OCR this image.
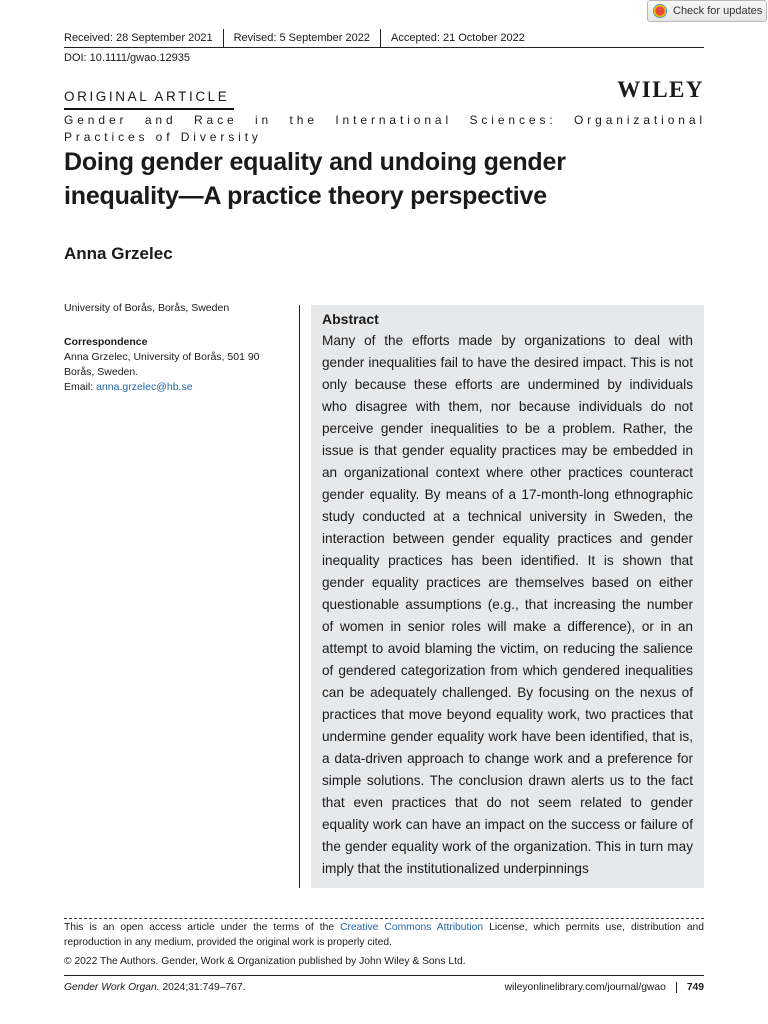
Check for updates
Received: 28 September 2021	Revised: 5 September 2022	Accepted: 21 October 2022
DOI: 10.1111/gwao.12935
ORIGINAL ARTICLE	WILEY
Gender and Race in the International Sciences: Organizational Practices of Diversity
Doing gender equality and undoing gender
inequality—A practice theory perspective
Anna Grzelec
University of Borås, Borås, Sweden
Correspondence
Anna Grzelec, University of Borås, 501 90
Borås, Sweden.
Email: anna.grzelec@hb.se
Abstract
Many of the efforts made by organizations to deal with gender inequalities fail to have the desired impact. This is not only because these efforts are undermined by individuals who disagree with them, nor because individuals do not perceive gender inequalities to be a problem. Rather, the issue is that gender equality practices may be embedded in an organizational context where other practices counteract gender equality. By means of a 17-month-long ethnographic study conducted at a technical university in Sweden, the interaction between gender equality practices and gender inequality practices has been identified. It is shown that gender equality practices are themselves based on either questionable assumptions (e.g., that increasing the number of women in senior roles will make a difference), or in an attempt to avoid blaming the victim, on reducing the salience of gendered categorization from which gendered inequalities can be adequately challenged. By focusing on the nexus of practices that move beyond equality work, two practices that undermine gender equality work have been identified, that is, a data-driven approach to change work and a preference for simple solutions. The conclusion drawn alerts us to the fact that even practices that do not seem related to gender equality work can have an impact on the success or failure of the gender equality work of the organization. This in turn may imply that the institutionalized underpinnings
This is an open access article under the terms of the Creative Commons Attribution License, which permits use, distribution and reproduction in any medium, provided the original work is properly cited.
© 2022 The Authors. Gender, Work & Organization published by John Wiley & Sons Ltd.
Gender Work Organ. 2024;31:749–767.	wileyonlinelibrary.com/journal/gwao	749
